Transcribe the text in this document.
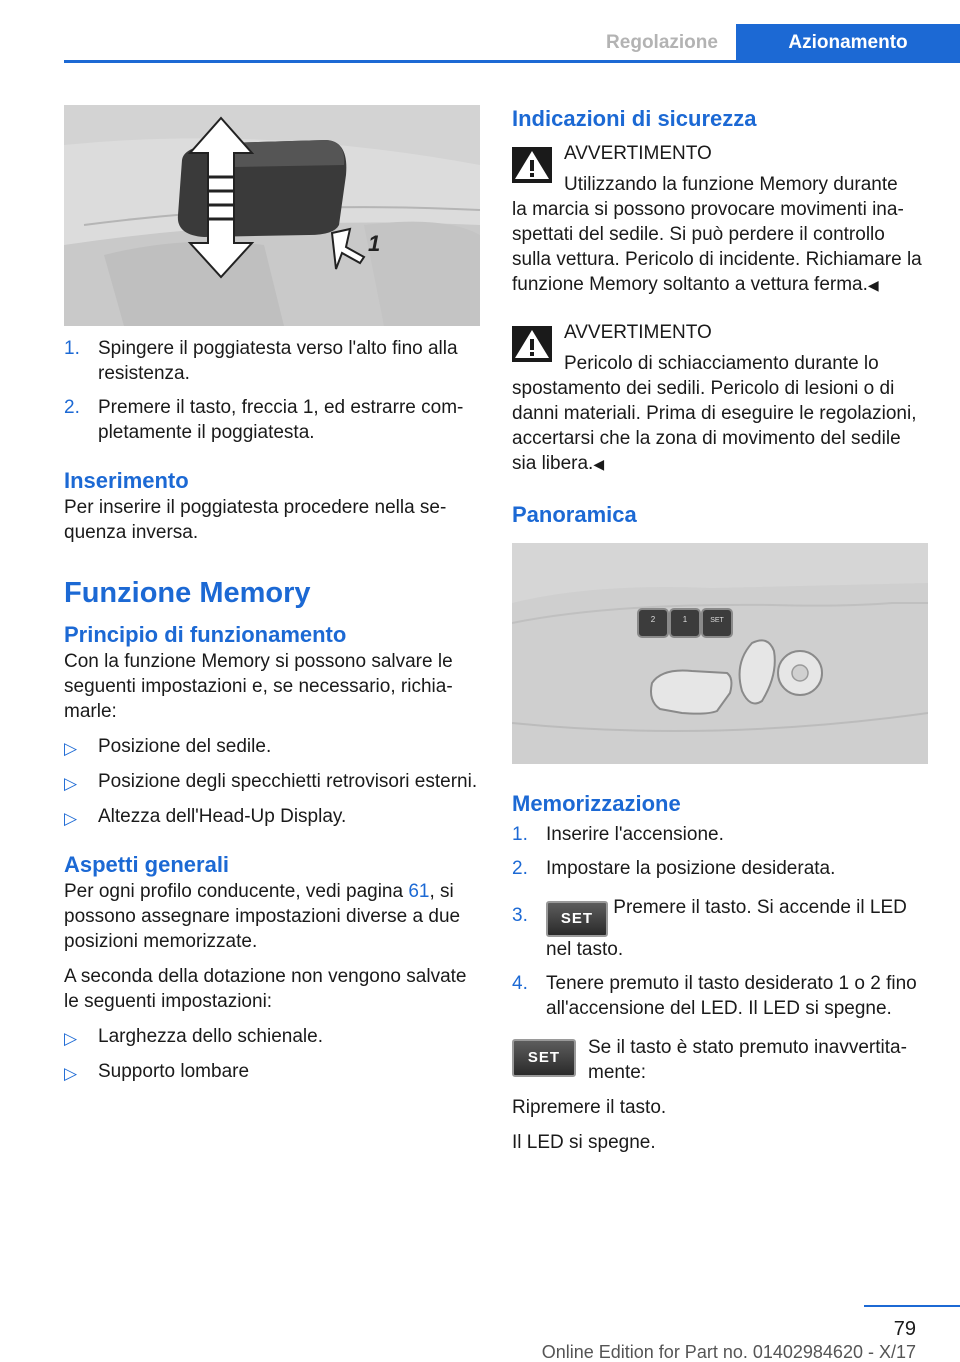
Regolazione	Azionamento
1
1. Spingere il poggiatesta verso l'alto fino alla resistenza.
2. Premere il tasto, freccia 1, ed estrarre completamente il poggiatesta.
Inserimento
Per inserire il poggiatesta procedere nella sequenza inversa.
Funzione Memory
Principio di funzionamento
Con la funzione Memory si possono salvare le seguenti impostazioni e, se necessario, richiamarle:
▷ Posizione del sedile.
▷ Posizione degli specchietti retrovisori esterni.
▷ Altezza dell'Head-Up Display.
Aspetti generali
Per ogni profilo conducente, vedi pagina 61, si possono assegnare impostazioni diverse a due posizioni memorizzate.
A seconda della dotazione non vengono salvate le seguenti impostazioni:
▷ Larghezza dello schienale.
▷ Supporto lombare
Indicazioni di sicurezza
AVVERTIMENTO
Utilizzando la funzione Memory durante
la marcia si possono provocare movimenti inaspettati del sedile. Si può perdere il controllo sulla vettura. Pericolo di incidente. Richiamare la funzione Memory soltanto a vettura ferma.◀
AVVERTIMENTO
Pericolo di schiacciamento durante lo
spostamento dei sedili. Pericolo di lesioni o di danni materiali. Prima di eseguire le regolazioni, accertarsi che la zona di movimento del sedile sia libera.◀
Panoramica
2	1	SET
Memorizzazione
1. Inserire l'accensione.
2. Impostare la posizione desiderata.
3. SET Premere il tasto. Si accende il LED nel tasto.
4. Tenere premuto il tasto desiderato 1 o 2 fino all'accensione del LED. Il LED si spegne.
SET	Se il tasto è stato premuto inavvertitamente:
Ripremere il tasto.
Il LED si spegne.
79
Online Edition for Part no. 01402984620 - X/17
